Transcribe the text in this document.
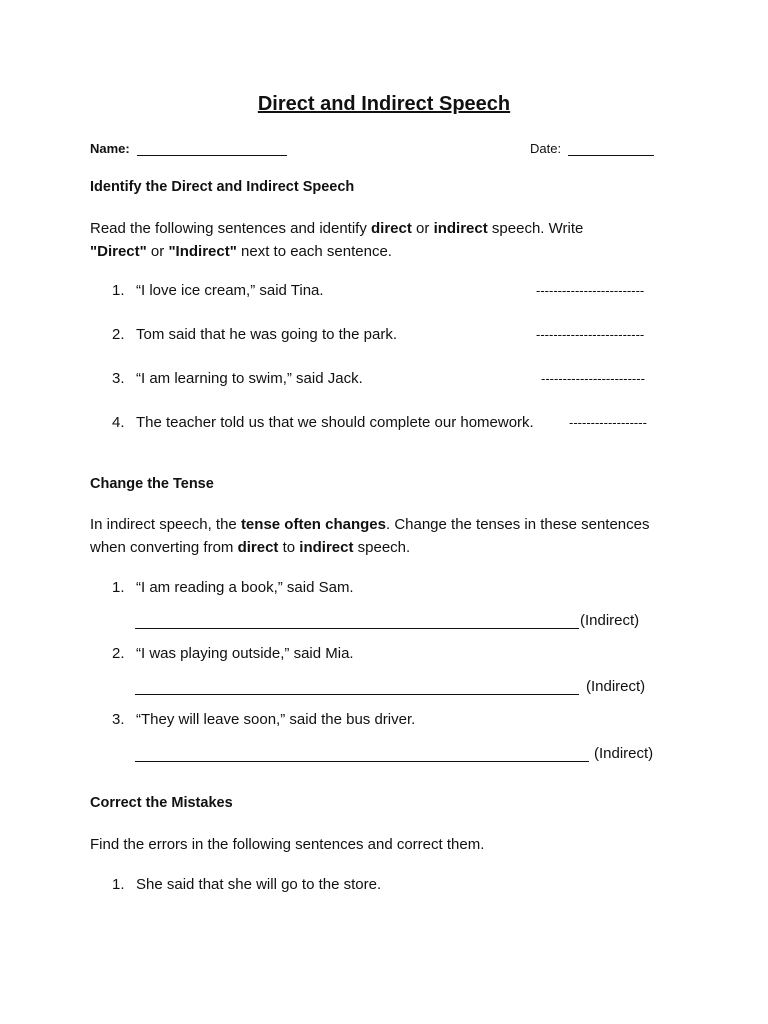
Direct and Indirect Speech
Name:	Date:
Identify the Direct and Indirect Speech
Read the following sentences and identify direct or indirect speech. Write
"Direct" or "Indirect" next to each sentence.
1. “I love ice cream,” said Tina.	-------------------------
2. Tom said that he was going to the park.	-------------------------
3. “I am learning to swim,” said Jack.	------------------------
4. The teacher told us that we should complete our homework.	------------------
Change the Tense
In indirect speech, the tense often changes. Change the tenses in these sentences
when converting from direct to indirect speech.
1. “I am reading a book,” said Sam.
(Indirect)
2. “I was playing outside,” said Mia.
(Indirect)
3. “They will leave soon,” said the bus driver.
(Indirect)
Correct the Mistakes
Find the errors in the following sentences and correct them.
1. She said that she will go to the store.
